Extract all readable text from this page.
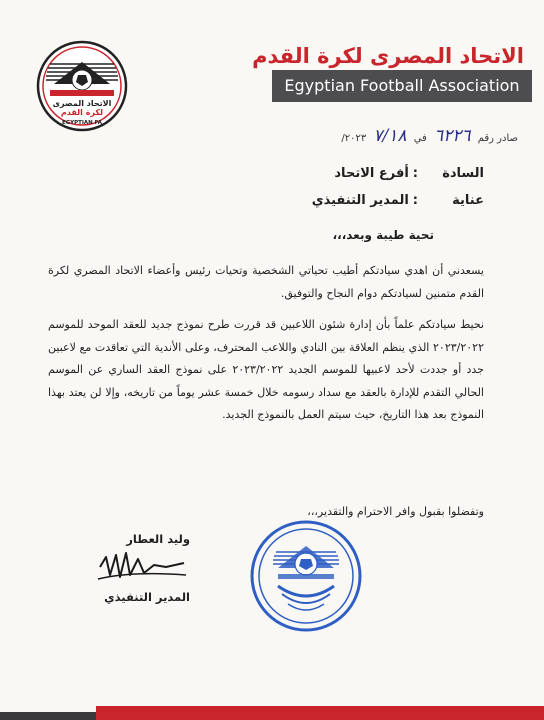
الاتحاد المصرى
لكرة القدم
EGYPTIAN FA
الاتحاد المصرى لكرة القدم
Egyptian Football Association
صادر رقم ٦٢٢٦ في ٧/١٨ ٢٠٢٣/
السادة:أفرع الاتحاد
عناية:المدير التنفيذي
تحية طيبة وبعد،،،
يسعدني أن اهدي سيادتكم أطيب تحياتي الشخصية وتحيات رئيس وأعضاء الاتحاد المصري لكرة القدم متمنين لسيادتكم دوام النجاح والتوفيق.
نحيط سيادتكم علماً بأن إدارة شئون اللاعبين قد قررت طرح نموذج جديد للعقد الموحد للموسم ٢٠٢٣/٢٠٢٢ الذي ينظم العلاقة بين النادي واللاعب المحترف، وعلى الأندية التي تعاقدت مع لاعبين جدد أو جددت لأحد لاعبيها للموسم الجديد ٢٠٢٣/٢٠٢٢ على نموذج العقد الساري عن الموسم الحالي التقدم للإدارة بالعقد مع سداد رسومه خلال خمسة عشر يوماً من تاريخه، وإلا لن يعتد بهذا النموذج بعد هذا التاريخ، حيث سيتم العمل بالنموذج الجديد.
وتفضلوا بقبول وافر الاحترام والتقدير،،،
وليد العطار
المدير التنفيذي
